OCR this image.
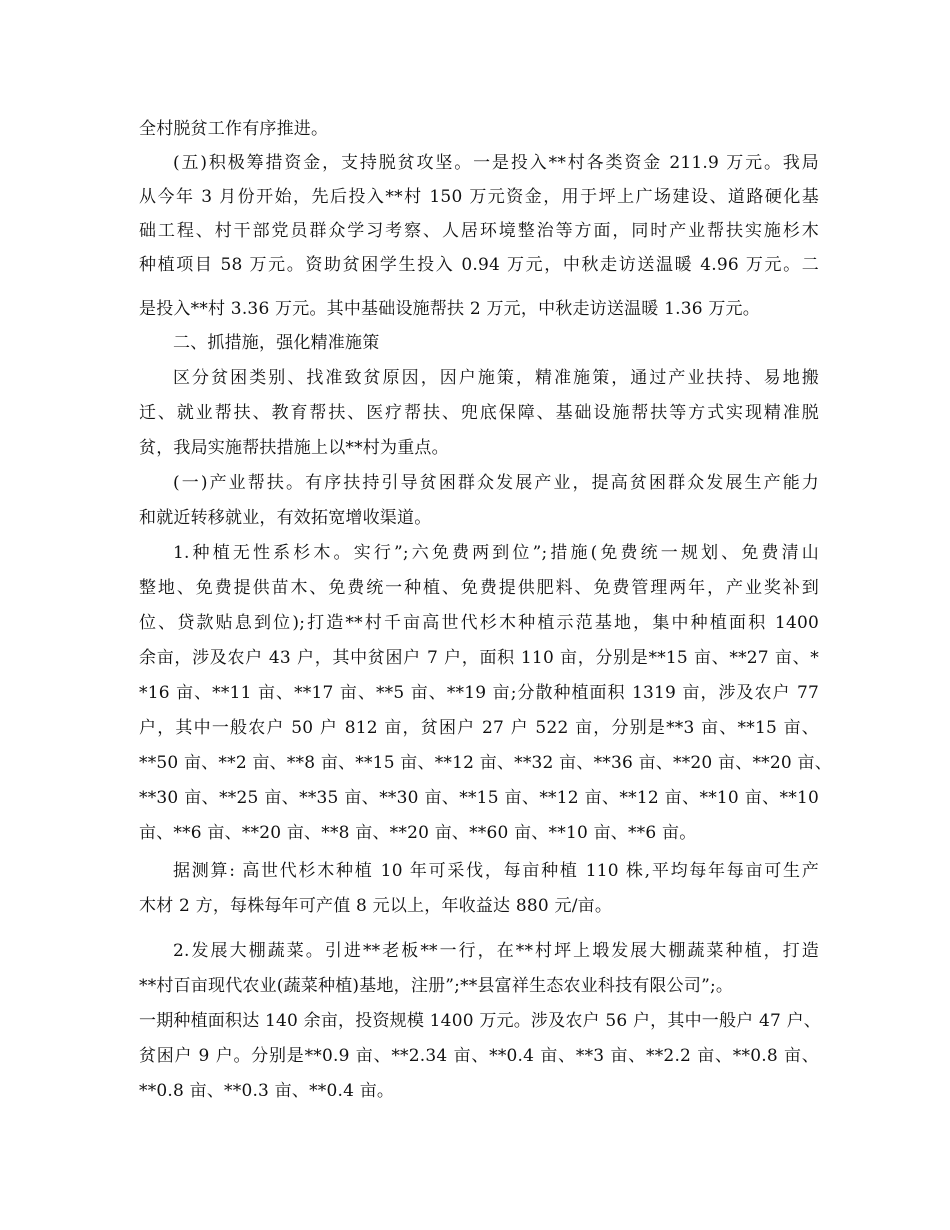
全村脱贫工作有序推进。
(五)积极筹措资金，支持脱贫攻坚。一是投入**村各类资金 211.9 万元。我局
从今年 3 月份开始，先后投入**村 150 万元资金，用于坪上广场建设、道路硬化基
础工程、村干部党员群众学习考察、人居环境整治等方面，同时产业帮扶实施杉木
种植项目 58 万元。资助贫困学生投入 0.94 万元，中秋走访送温暖 4.96 万元。二
是投入**村 3.36 万元。其中基础设施帮扶 2 万元，中秋走访送温暖 1.36 万元。
二、抓措施，强化精准施策
区分贫困类别、找准致贫原因，因户施策，精准施策，通过产业扶持、易地搬
迁、就业帮扶、教育帮扶、医疗帮扶、兜底保障、基础设施帮扶等方式实现精准脱
贫，我局实施帮扶措施上以**村为重点。
(一)产业帮扶。有序扶持引导贫困群众发展产业，提高贫困群众发展生产能力
和就近转移就业，有效拓宽增收渠道。
1.种植无性系杉木。实行”;六免费两到位”;措施(免费统一规划、免费清山
整地、免费提供苗木、免费统一种植、免费提供肥料、免费管理两年，产业奖补到
位、贷款贴息到位);打造**村千亩高世代杉木种植示范基地，集中种植面积 1400
余亩，涉及农户 43 户，其中贫困户 7 户，面积 110 亩，分别是**15 亩、**27 亩、*
*16 亩、**11 亩、**17 亩、**5 亩、**19 亩;分散种植面积 1319 亩，涉及农户 77
户，其中一般农户 50 户 812 亩，贫困户 27 户 522 亩，分别是**3 亩、**15 亩、
**50 亩、**2 亩、**8 亩、**15 亩、**12 亩、**32 亩、**36 亩、**20 亩、**20 亩、
**30 亩、**25 亩、**35 亩、**30 亩、**15 亩、**12 亩、**12 亩、**10 亩、**10
亩、**6 亩、**20 亩、**8 亩、**20 亩、**60 亩、**10 亩、**6 亩。
据测算: 高世代杉木种植 10 年可采伐，每亩种植 110 株,平均每年每亩可生产
木材 2 方，每株每年可产值 8 元以上，年收益达 880 元/亩。
2.发展大棚蔬菜。引进**老板**一行，在**村坪上塅发展大棚蔬菜种植，打造
**村百亩现代农业(蔬菜种植)基地，注册”;**县富祥生态农业科技有限公司”;。
一期种植面积达 140 余亩，投资规模 1400 万元。涉及农户 56 户，其中一般户 47 户、
贫困户 9 户。分别是**0.9 亩、**2.34 亩、**0.4 亩、**3 亩、**2.2 亩、**0.8 亩、
**0.8 亩、**0.3 亩、**0.4 亩。
